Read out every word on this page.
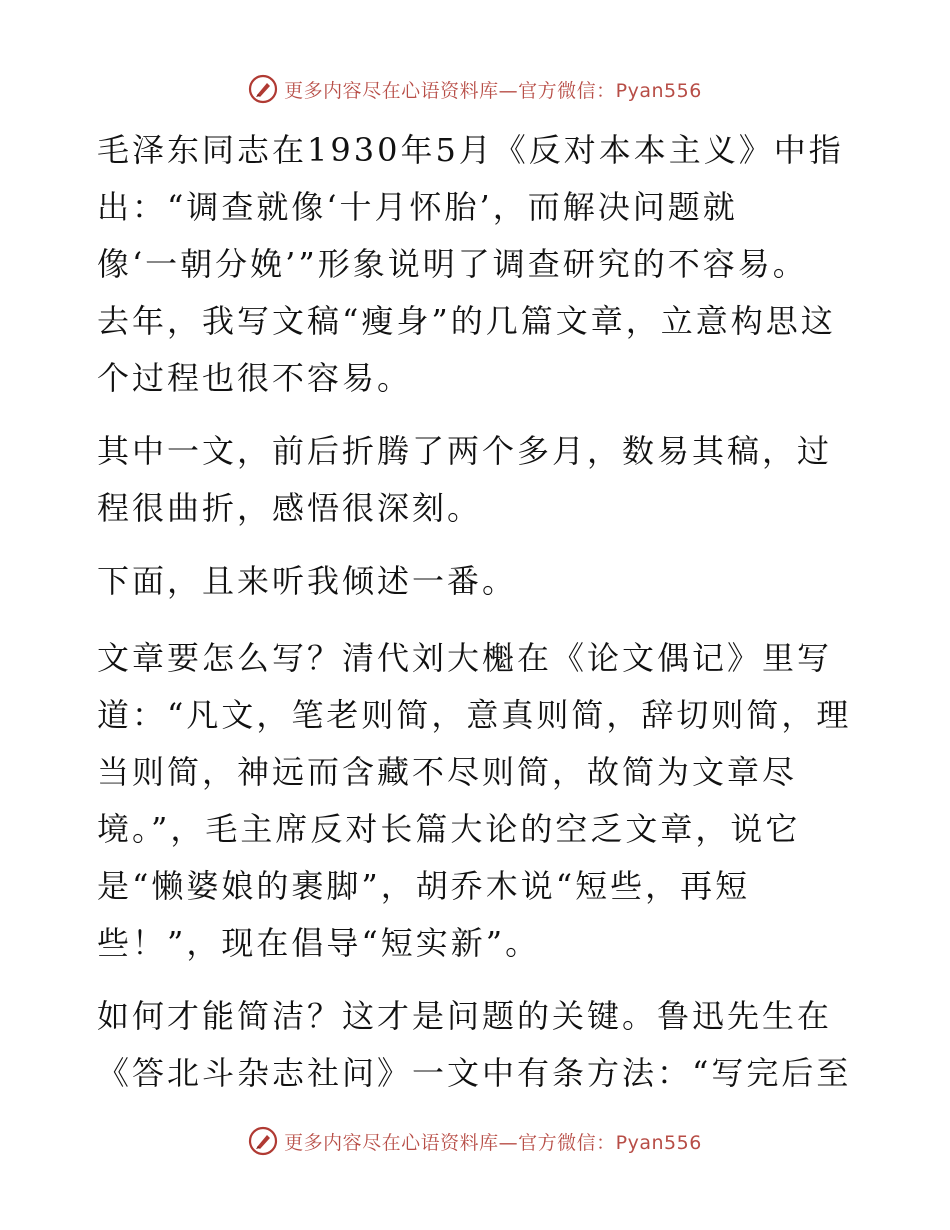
更多内容尽在心语资料库—官方微信：Pyan556
毛泽东同志在1930年5月《反对本本主义》中指
出：“调查就像‘十月怀胎’，而解决问题就
像‘一朝分娩’”形象说明了调查研究的不容易。
去年，我写文稿“瘦身”的几篇文章，立意构思这
个过程也很不容易。
其中一文，前后折腾了两个多月，数易其稿，过
程很曲折，感悟很深刻。
下面，且来听我倾述一番。
文章要怎么写？清代刘大櫆在《论文偶记》里写
道：“凡文，笔老则简，意真则简，辞切则简，理
当则简，神远而含藏不尽则简，故简为文章尽
境。”，毛主席反对长篇大论的空乏文章，说它
是“懒婆娘的裹脚”，胡乔木说“短些，再短
些！”，现在倡导“短实新”。
如何才能简洁？这才是问题的关键。鲁迅先生在
《答北斗杂志社问》一文中有条方法：“写完后至
更多内容尽在心语资料库—官方微信：Pyan556
